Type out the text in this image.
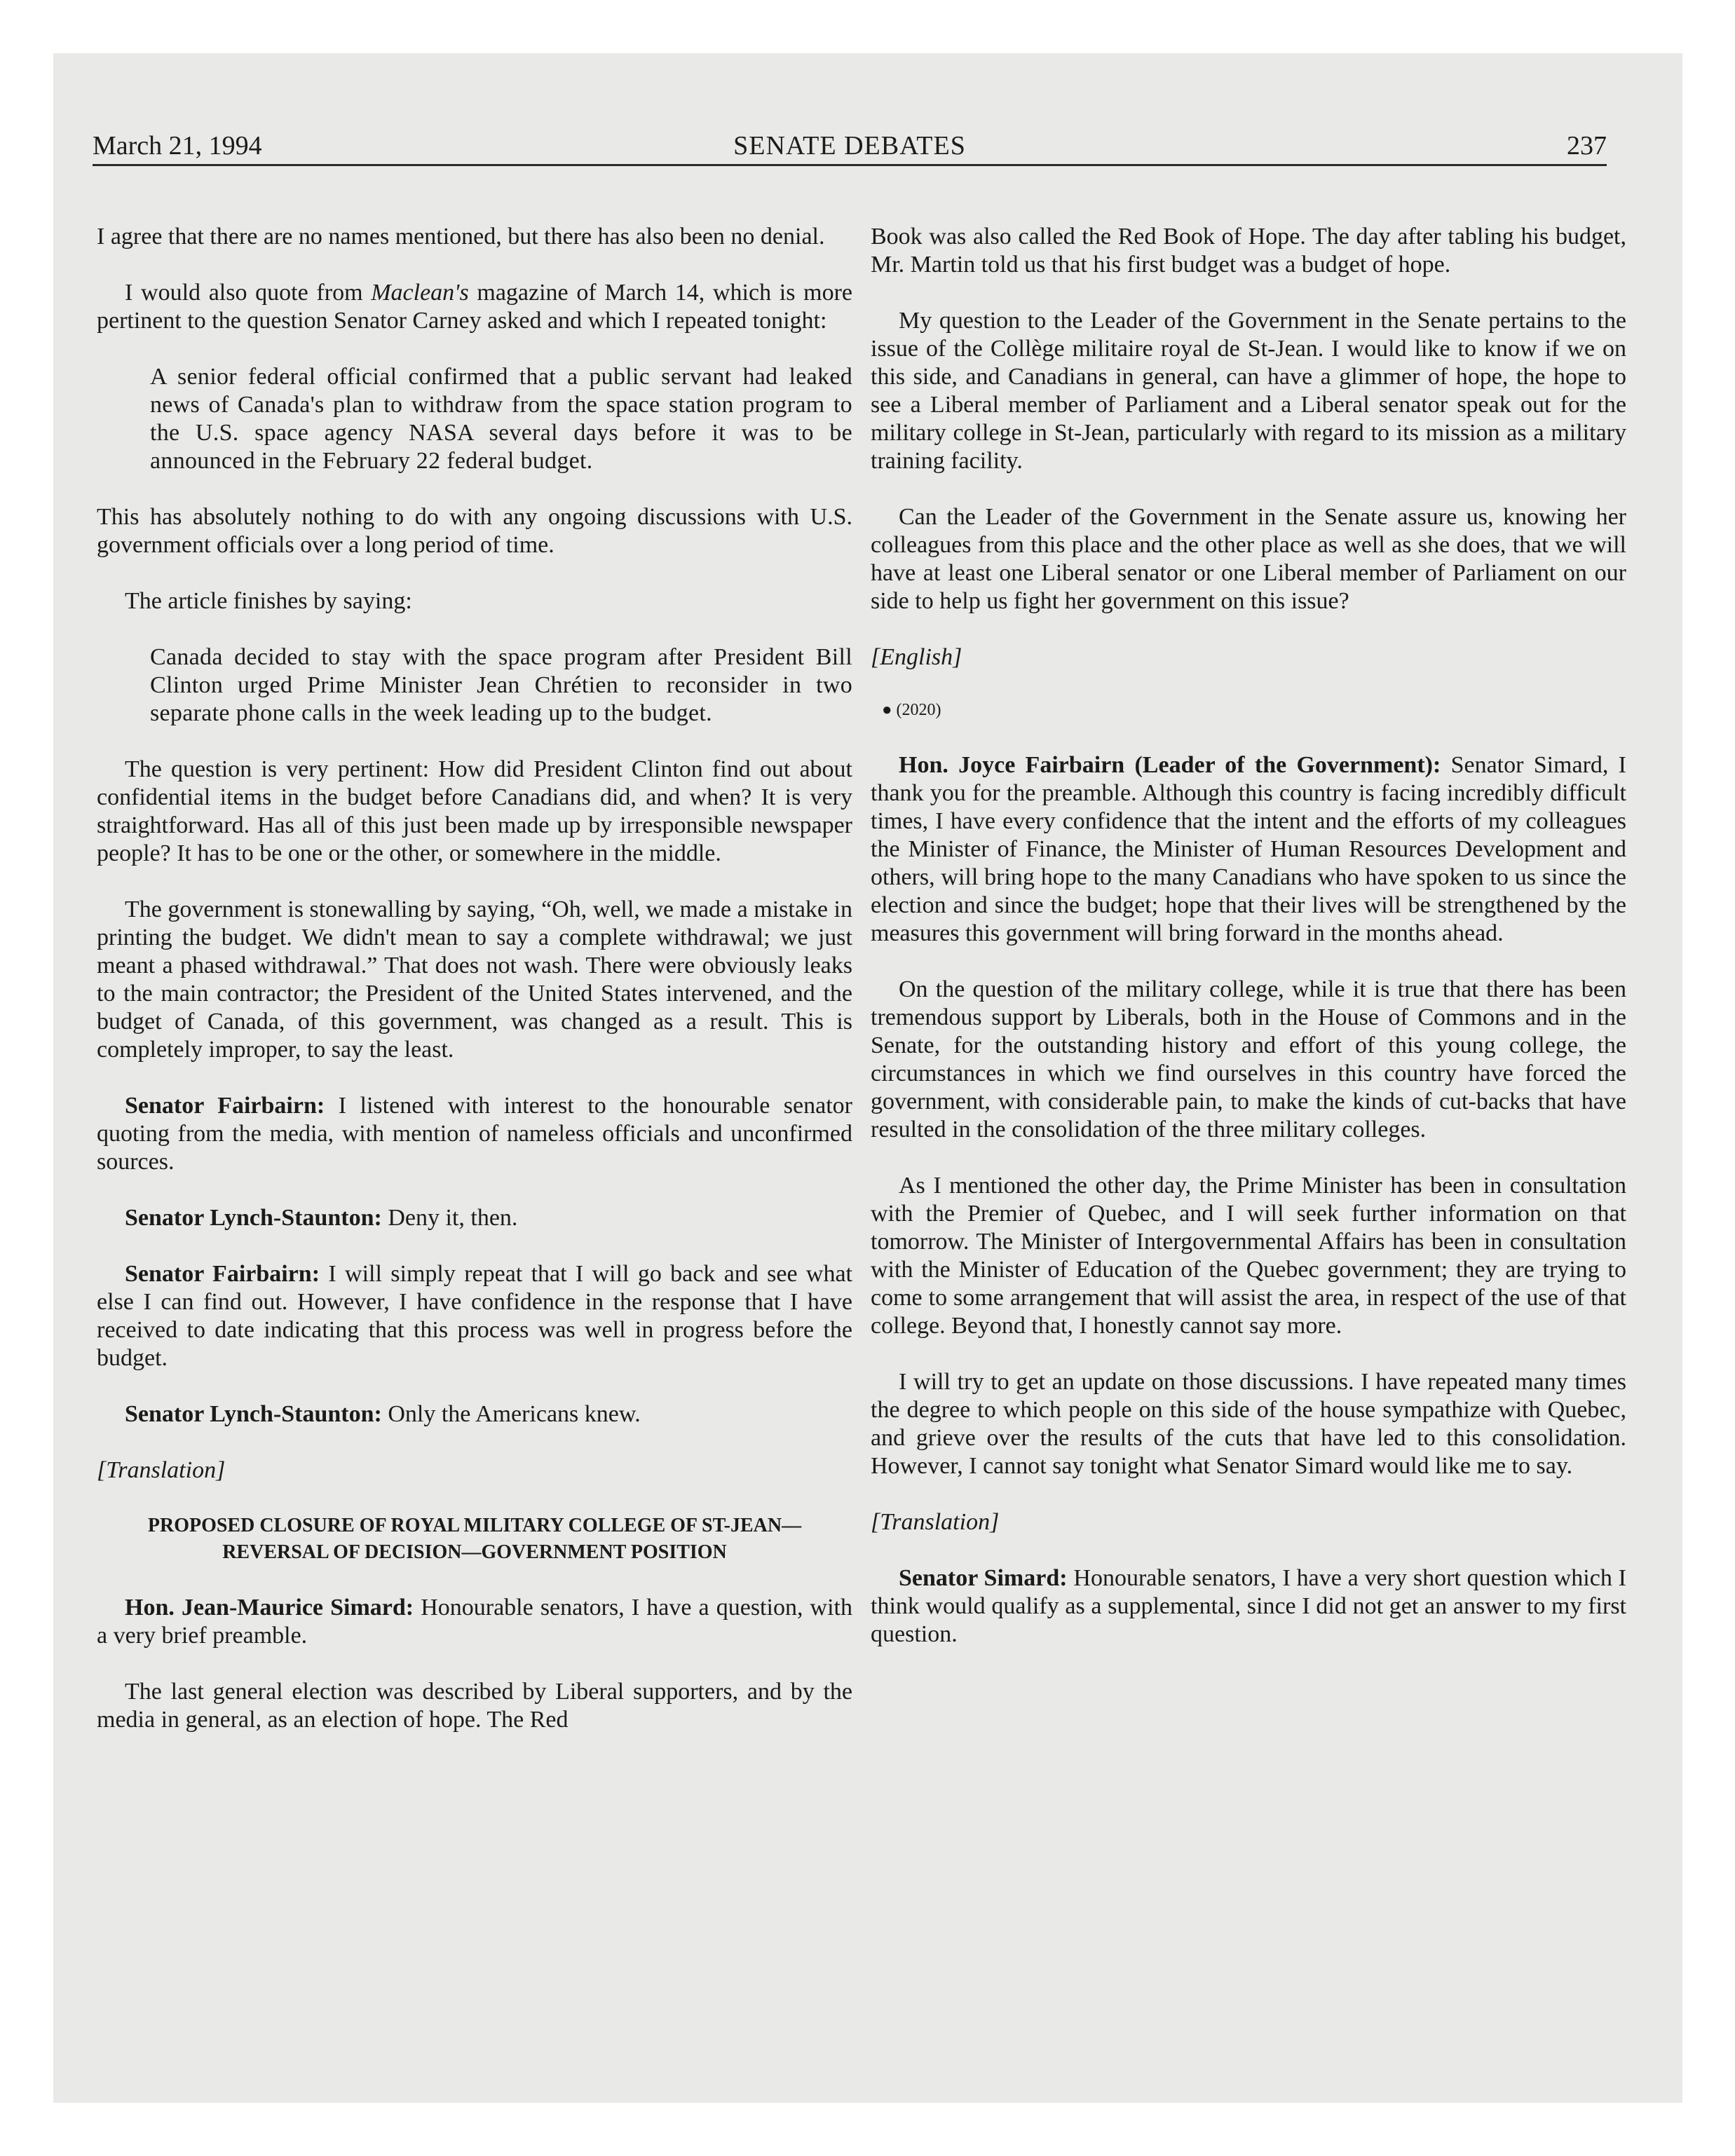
March 21, 1994	SENATE DEBATES	237

I agree that there are no names mentioned, but there has also been no denial.

I would also quote from Maclean's magazine of March 14, which is more pertinent to the question Senator Carney asked and which I repeated tonight:

A senior federal official confirmed that a public servant had leaked news of Canada's plan to withdraw from the space station program to the U.S. space agency NASA several days before it was to be announced in the February 22 federal budget.

This has absolutely nothing to do with any ongoing discussions with U.S. government officials over a long period of time.

The article finishes by saying:

Canada decided to stay with the space program after President Bill Clinton urged Prime Minister Jean Chrétien to reconsider in two separate phone calls in the week leading up to the budget.

The question is very pertinent: How did President Clinton find out about confidential items in the budget before Canadians did, and when? It is very straightforward. Has all of this just been made up by irresponsible newspaper people? It has to be one or the other, or somewhere in the middle.

The government is stonewalling by saying, “Oh, well, we made a mistake in printing the budget. We didn't mean to say a complete withdrawal; we just meant a phased withdrawal.” That does not wash. There were obviously leaks to the main contractor; the President of the United States intervened, and the budget of Canada, of this government, was changed as a result. This is completely improper, to say the least.

Senator Fairbairn: I listened with interest to the honourable senator quoting from the media, with mention of nameless officials and unconfirmed sources.

Senator Lynch-Staunton: Deny it, then.

Senator Fairbairn: I will simply repeat that I will go back and see what else I can find out. However, I have confidence in the response that I have received to date indicating that this process was well in progress before the budget.

Senator Lynch-Staunton: Only the Americans knew.

[Translation]

PROPOSED CLOSURE OF ROYAL MILITARY COLLEGE OF ST-JEAN— REVERSAL OF DECISION—GOVERNMENT POSITION

Hon. Jean-Maurice Simard: Honourable senators, I have a question, with a very brief preamble.

The last general election was described by Liberal supporters, and by the media in general, as an election of hope. The Red

Book was also called the Red Book of Hope. The day after tabling his budget, Mr. Martin told us that his first budget was a budget of hope.

My question to the Leader of the Government in the Senate pertains to the issue of the Collège militaire royal de St-Jean. I would like to know if we on this side, and Canadians in general, can have a glimmer of hope, the hope to see a Liberal member of Parliament and a Liberal senator speak out for the military college in St-Jean, particularly with regard to its mission as a military training facility.

Can the Leader of the Government in the Senate assure us, knowing her colleagues from this place and the other place as well as she does, that we will have at least one Liberal senator or one Liberal member of Parliament on our side to help us fight her government on this issue?

[English]

● (2020)

Hon. Joyce Fairbairn (Leader of the Government): Senator Simard, I thank you for the preamble. Although this country is facing incredibly difficult times, I have every confidence that the intent and the efforts of my colleagues the Minister of Finance, the Minister of Human Resources Development and others, will bring hope to the many Canadians who have spoken to us since the election and since the budget; hope that their lives will be strengthened by the measures this government will bring forward in the months ahead.

On the question of the military college, while it is true that there has been tremendous support by Liberals, both in the House of Commons and in the Senate, for the outstanding history and effort of this young college, the circumstances in which we find ourselves in this country have forced the government, with considerable pain, to make the kinds of cut-backs that have resulted in the consolidation of the three military colleges.

As I mentioned the other day, the Prime Minister has been in consultation with the Premier of Quebec, and I will seek further information on that tomorrow. The Minister of Intergovernmental Affairs has been in consultation with the Minister of Education of the Quebec government; they are trying to come to some arrangement that will assist the area, in respect of the use of that college. Beyond that, I honestly cannot say more.

I will try to get an update on those discussions. I have repeated many times the degree to which people on this side of the house sympathize with Quebec, and grieve over the results of the cuts that have led to this consolidation. However, I cannot say tonight what Senator Simard would like me to say.

[Translation]

Senator Simard: Honourable senators, I have a very short question which I think would qualify as a supplemental, since I did not get an answer to my first question.
